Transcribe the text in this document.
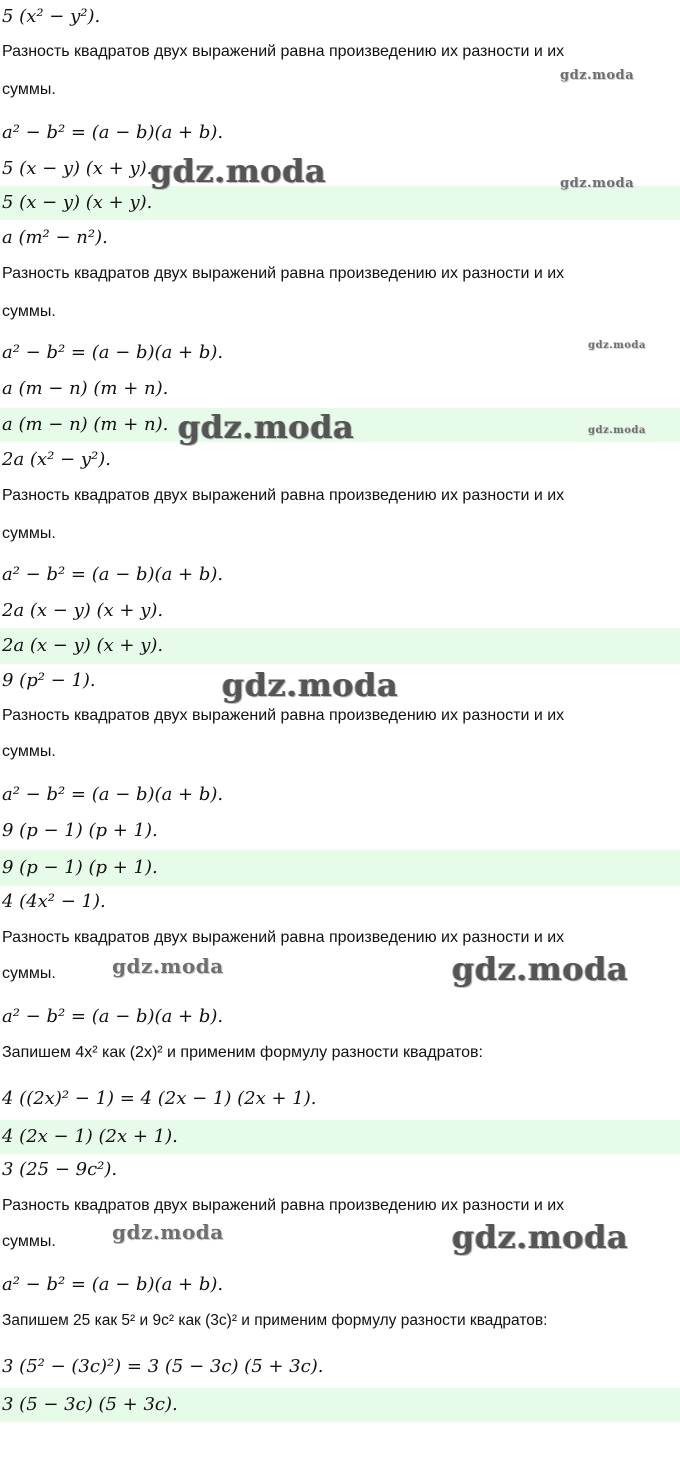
5 (x² − y²).
Разность квадратов двух выражений равна произведению их разности и их
суммы.
a² − b² = (a − b)(a + b).
5 (x − y) (x + y).
5 (x − y) (x + y).
a (m² − n²).
Разность квадратов двух выражений равна произведению их разности и их
суммы.
a² − b² = (a − b)(a + b).
a (m − n) (m + n).
a (m − n) (m + n).
2a (x² − y²).
Разность квадратов двух выражений равна произведению их разности и их
суммы.
a² − b² = (a − b)(a + b).
2a (x − y) (x + y).
2a (x − y) (x + y).
9 (p² − 1).
Разность квадратов двух выражений равна произведению их разности и их
суммы.
a² − b² = (a − b)(a + b).
9 (p − 1) (p + 1).
9 (p − 1) (p + 1).
4 (4x² − 1).
Разность квадратов двух выражений равна произведению их разности и их
суммы.
a² − b² = (a − b)(a + b).
Запишем 4x² как (2x)² и применим формулу разности квадратов:
4 ((2x)² − 1) = 4 (2x − 1) (2x + 1).
4 (2x − 1) (2x + 1).
3 (25 − 9c²).
Разность квадратов двух выражений равна произведению их разности и их
суммы.
a² − b² = (a − b)(a + b).
Запишем 25 как 5² и 9c² как (3c)² и применим формулу разности квадратов:
3 (5² − (3c)²) = 3 (5 − 3c) (5 + 3c).
3 (5 − 3c) (5 + 3c).
gdz.moda
gdz.moda	gdz.moda
gdz.moda
gdz.moda	gdz.moda
gdz.moda
gdz.moda	gdz.moda
gdz.moda	gdz.moda
